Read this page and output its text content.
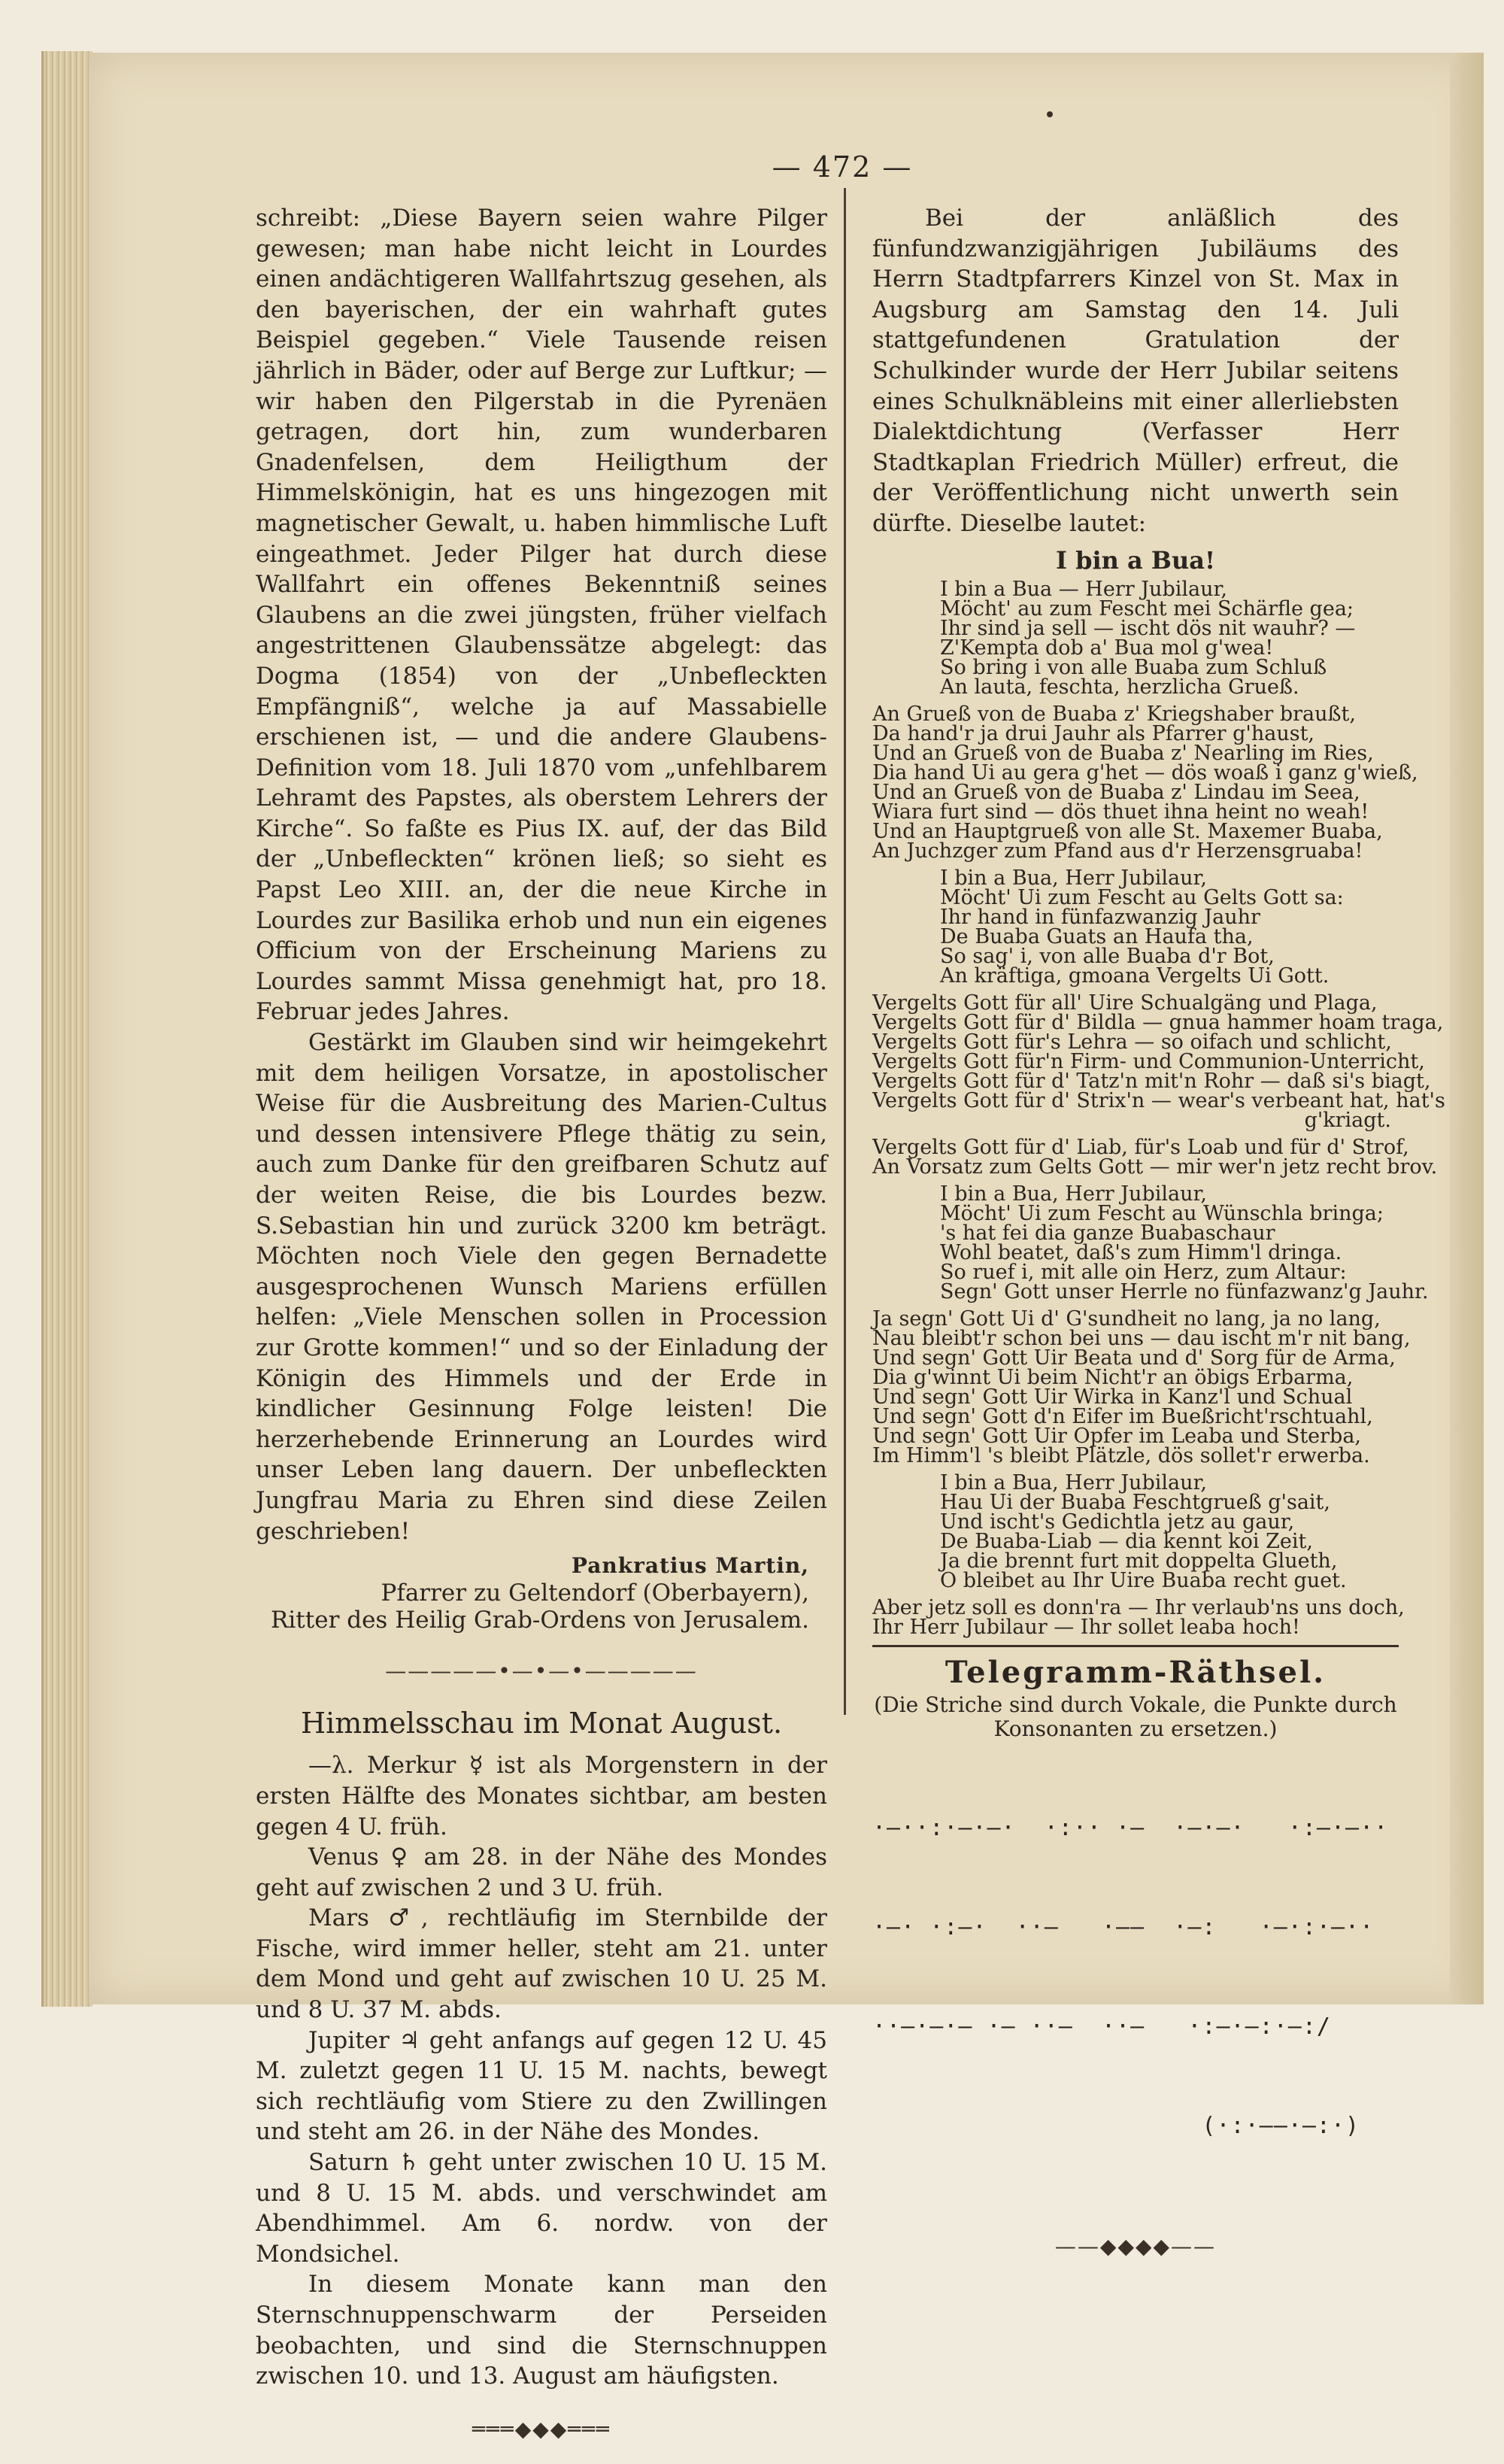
— 472 —

schreibt: „Diese Bayern seien wahre Pilger gewesen; man habe nicht leicht in Lourdes einen andächtigeren Wallfahrtszug gesehen, als den bayerischen, der ein wahrhaft gutes Beispiel gegeben.“ Viele Tausende reisen jährlich in Bäder, oder auf Berge zur Luftkur; — wir haben den Pilgerstab in die Pyrenäen getragen, dort hin, zum wunderbaren Gnadenfelsen, dem Heiligthum der Himmelskönigin, hat es uns hingezogen mit magnetischer Gewalt, u. haben himmlische Luft eingeathmet. Jeder Pilger hat durch diese Wallfahrt ein offenes Bekenntniß seines Glaubens an die zwei jüngsten, früher vielfach angestrittenen Glaubenssätze abgelegt: das Dogma (1854) von der „Unbefleckten Empfängniß“, welche ja auf Massabielle erschienen ist, — und die andere Glaubens-Definition vom 18. Juli 1870 vom „unfehlbarem Lehramt des Papstes, als oberstem Lehrers der Kirche“. So faßte es Pius IX. auf, der das Bild der „Unbefleckten“ krönen ließ; so sieht es Papst Leo XIII. an, der die neue Kirche in Lourdes zur Basilika erhob und nun ein eigenes Officium von der Erscheinung Mariens zu Lourdes sammt Missa genehmigt hat, pro 18. Februar jedes Jahres.

Gestärkt im Glauben sind wir heimgekehrt mit dem heiligen Vorsatze, in apostolischer Weise für die Ausbreitung des Marien-Cultus und dessen intensivere Pflege thätig zu sein, auch zum Danke für den greifbaren Schutz auf der weiten Reise, die bis Lourdes bezw. S.Sebastian hin und zurück 3200 km beträgt. Möchten noch Viele den gegen Bernadette ausgesprochenen Wunsch Mariens erfüllen helfen: „Viele Menschen sollen in Procession zur Grotte kommen!“ und so der Einladung der Königin des Himmels und der Erde in kindlicher Gesinnung Folge leisten! Die herzerhebende Erinnerung an Lourdes wird unser Leben lang dauern. Der unbefleckten Jungfrau Maria zu Ehren sind diese Zeilen geschrieben!

Pankratius Martin,
Pfarrer zu Geltendorf (Oberbayern),
Ritter des Heilig Grab-Ordens von Jerusalem.
—————•—•—•—————
Himmelsschau im Monat August.

—λ. Merkur ☿ ist als Morgenstern in der ersten Hälfte des Monates sichtbar, am besten gegen 4 U. früh.

Venus ♀ am 28. in der Nähe des Mondes geht auf zwischen 2 und 3 U. früh.

Mars ♂, rechtläufig im Sternbilde der Fische, wird immer heller, steht am 21. unter dem Mond und geht auf zwischen 10 U. 25 M. und 8 U. 37 M. abds.

Jupiter ♃ geht anfangs auf gegen 12 U. 45 M. zuletzt gegen 11 U. 15 M. nachts, bewegt sich rechtläufig vom Stiere zu den Zwillingen und steht am 26. in der Nähe des Mondes.

Saturn ♄ geht unter zwischen 10 U. 15 M. und 8 U. 15 M. abds. und verschwindet am Abendhimmel. Am 6. nordw. von der Mondsichel.

In diesem Monate kann man den Sternschnuppenschwarm der Perseiden beobachten, und sind die Sternschnuppen zwischen 10. und 13. August am häufigsten.

═══◆◆◆═══

Bei der anläßlich des fünfundzwanzigjährigen Jubiläums des Herrn Stadtpfarrers Kinzel von St. Max in Augsburg am Samstag den 14. Juli stattgefundenen Gratulation der Schulkinder wurde der Herr Jubilar seitens eines Schulknäbleins mit einer allerliebsten Dialektdichtung (Verfasser Herr Stadtkaplan Friedrich Müller) erfreut, die der Veröffentlichung nicht unwerth sein dürfte. Dieselbe lautet:

I bin a Bua!
I bin a Bua — Herr Jubilaur,
Möcht' au zum Fescht mei Schärfle gea;
Ihr sind ja sell — ischt dös nit wauhr? —
Z'Kempta dob a' Bua mol g'wea!
So bring i von alle Buaba zum Schluß
An lauta, feschta, herzlicha Grueß.
An Grueß von de Buaba z' Kriegshaber braußt,
Da hand'r ja drui Jauhr als Pfarrer g'haust,
Und an Grueß von de Buaba z' Nearling im Ries,
Dia hand Ui au gera g'het — dös woaß i ganz g'wieß,
Und an Grueß von de Buaba z' Lindau im Seea,
Wiara furt sind — dös thuet ihna heint no weah!
Und an Hauptgrueß von alle St. Maxemer Buaba,
An Juchzger zum Pfand aus d'r Herzensgruaba!
I bin a Bua, Herr Jubilaur,
Möcht' Ui zum Fescht au Gelts Gott sa:
Ihr hand in fünfazwanzig Jauhr
De Buaba Guats an Haufa tha,
So sag' i, von alle Buaba d'r Bot,
An kräftiga, gmoana Vergelts Ui Gott.
Vergelts Gott für all' Uire Schualgäng und Plaga,
Vergelts Gott für d' Bildla — gnua hammer hoam traga,
Vergelts Gott für's Lehra — so oifach und schlicht,
Vergelts Gott für'n Firm- und Communion-Unterricht,
Vergelts Gott für d' Tatz'n mit'n Rohr — daß si's biagt,
Vergelts Gott für d' Strix'n — wear's verbeant hat, hat's
g'kriagt.
Vergelts Gott für d' Liab, für's Loab und für d' Strof,
An Vorsatz zum Gelts Gott — mir wer'n jetz recht brov.
I bin a Bua, Herr Jubilaur,
Möcht' Ui zum Fescht au Wünschla bringa;
's hat fei dia ganze Buabaschaur
Wohl beatet, daß's zum Himm'l dringa.
So ruef i, mit alle oin Herz, zum Altaur:
Segn' Gott unser Herrle no fünfazwanz'g Jauhr.
Ja segn' Gott Ui d' G'sundheit no lang, ja no lang,
Nau bleibt'r schon bei uns — dau ischt m'r nit bang,
Und segn' Gott Uir Beata und d' Sorg für de Arma,
Dia g'winnt Ui beim Nicht'r an öbigs Erbarma,
Und segn' Gott Uir Wirka in Kanz'l und Schual
Und segn' Gott d'n Eifer im Bueßricht'rschtuahl,
Und segn' Gott Uir Opfer im Leaba und Sterba,
Im Himm'l 's bleibt Plätzle, dös sollet'r erwerba.
I bin a Bua, Herr Jubilaur,
Hau Ui der Buaba Feschtgrueß g'sait,
Und ischt's Gedichtla jetz au gaur,
De Buaba-Liab — dia kennt koi Zeit,
Ja die brennt furt mit doppelta Glueth,
O bleibet au Ihr Uire Buaba recht guet.
Aber jetz soll es donn'ra — Ihr verlaub'ns uns doch,
Ihr Herr Jubilaur — Ihr sollet leaba hoch!
Telegramm-Räthsel.
(Die Striche sind durch Vokale, die Punkte durch Konsonanten zu ersetzen.)

·—··:·—·—·  ·:·· ·—  ·—·—·   ·:—·—··

·—· ·:—·  ··—   ·——  ·—:   ·—·:·—··

··—·—·— ·— ··—  ··—   ·:—·—:·—:/

(·:·——·—:·)

——◆◆◆◆——
